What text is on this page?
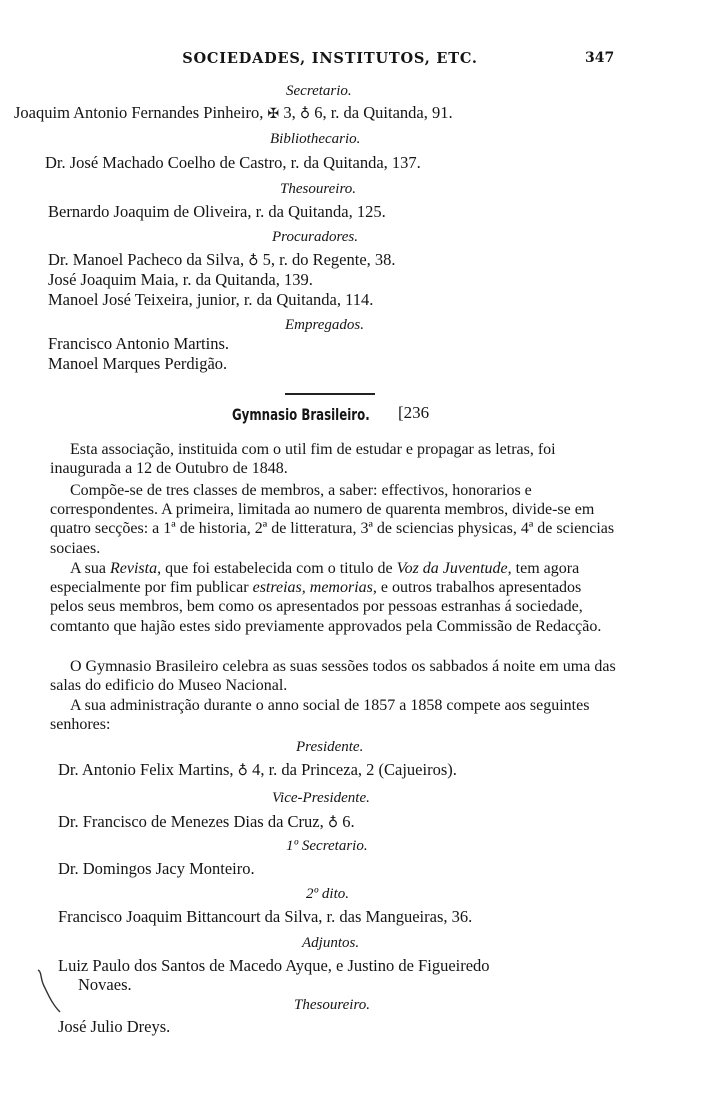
SOCIEDADES, INSTITUTOS, ETC.	347
Secretario.
Joaquim Antonio Fernandes Pinheiro, ✠ 3, ♁ 6, r. da Quitanda, 91.
Bibliothecario.
Dr. José Machado Coelho de Castro, r. da Quitanda, 137.
Thesoureiro.
Bernardo Joaquim de Oliveira, r. da Quitanda, 125.
Procuradores.
Dr. Manoel Pacheco da Silva, ♁ 5, r. do Regente, 38.
José Joaquim Maia, r. da Quitanda, 139.
Manoel José Teixeira, junior, r. da Quitanda, 114.
Empregados.
Francisco Antonio Martins.
Manoel Marques Perdigão.
Gymnasio Brasileiro. [236
Esta associação, instituida com o util fim de estudar e propagar as letras, foi inaugurada a 12 de Outubro de 1848.
Compõe-se de tres classes de membros, a saber: effectivos, honorarios e correspondentes. A primeira, limitada ao numero de quarenta membros, divide-se em quatro secções: a 1ª de historia, 2ª de litteratura, 3ª de sciencias physicas, 4ª de sciencias sociaes.
A sua Revista, que foi estabelecida com o titulo de Voz da Juventude, tem agora especialmente por fim publicar estreias, memorias, e outros trabalhos apresentados pelos seus membros, bem como os apresentados por pessoas estranhas á sociedade, comtanto que hajão estes sido previamente approvados pela Commissão de Redacção.
O Gymnasio Brasileiro celebra as suas sessões todos os sabbados á noite em uma das salas do edificio do Museo Nacional.
A sua administração durante o anno social de 1857 a 1858 compete aos seguintes senhores:
Presidente.
Dr. Antonio Felix Martins, ♁ 4, r. da Princeza, 2 (Cajueiros).
Vice-Presidente.
Dr. Francisco de Menezes Dias da Cruz, ♁ 6.
1º Secretario.
Dr. Domingos Jacy Monteiro.
2º dito.
Francisco Joaquim Bittancourt da Silva, r. das Mangueiras, 36.
Adjuntos.
Luiz Paulo dos Santos de Macedo Ayque, e Justino de Figueiredo
Novaes.
Thesoureiro.
José Julio Dreys.
